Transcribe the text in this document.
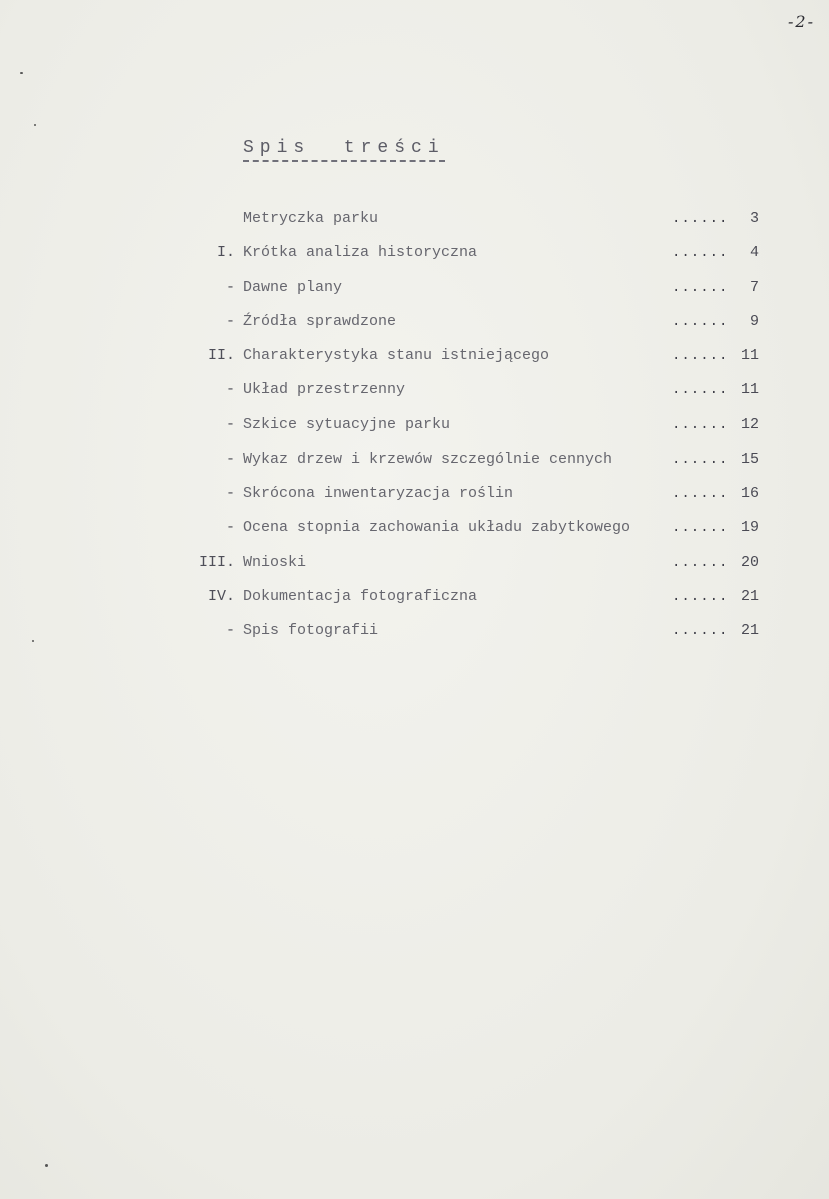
-2-
Spis  treści
Metryczka parku	...... 3
I. Krótka analiza historyczna	...... 4
- Dawne plany	...... 7
- Źródła sprawdzone	...... 9
II. Charakterystyka stanu istniejącego	...... 11
- Układ przestrzenny	...... 11
- Szkice sytuacyjne parku	...... 12
- Wykaz drzew i krzewów szczególnie cennych	...... 15
- Skrócona inwentaryzacja roślin	...... 16
- Ocena stopnia zachowania układu zabytkowego	...... 19
III. Wnioski	...... 20
IV. Dokumentacja fotograficzna	...... 21
- Spis fotografii	...... 21
